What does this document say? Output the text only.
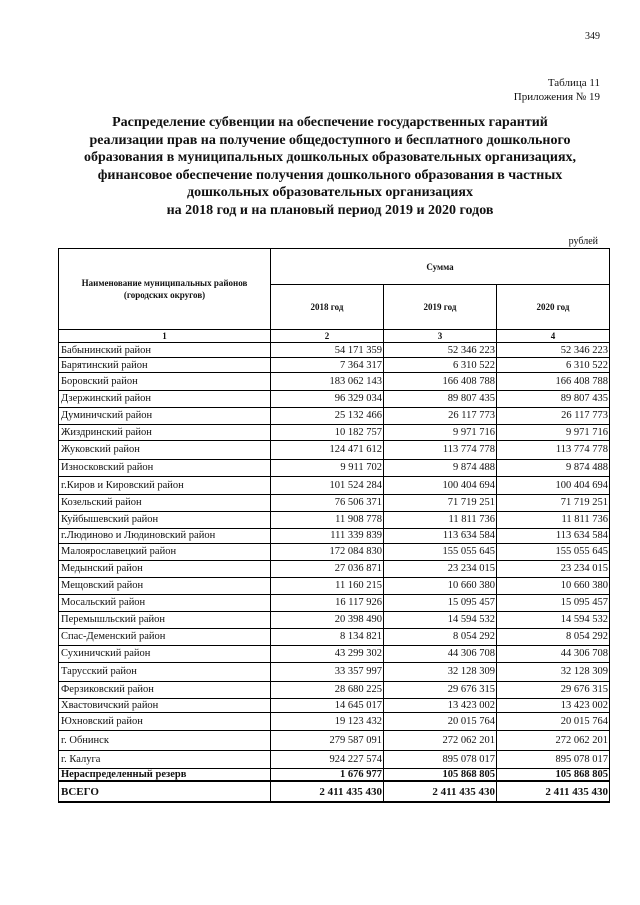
349
Таблица 11
Приложения № 19
Распределение субвенции на обеспечение государственных гарантий
реализации прав на получение общедоступного и бесплатного дошкольного
образования в муниципальных дошкольных образовательных организациях,
финансовое обеспечение получения дошкольного образования в частных
дошкольных образовательных организациях
на 2018 год и на плановый период 2019 и 2020 годов
рублей
Наименование муниципальных районов (городских округов)	Сумма		
	2018 год	2019 год	2020 год
1	2	3	4
Бабынинский район	54 171 359	52 346 223	52 346 223
Барятинский район	7 364 317	6 310 522	6 310 522
Боровский район	183 062 143	166 408 788	166 408 788
Дзержинский район	96 329 034	89 807 435	89 807 435
Думиничский район	25 132 466	26 117 773	26 117 773
Жиздринский район	10 182 757	9 971 716	9 971 716
Жуковский район	124 471 612	113 774 778	113 774 778
Износковский район	9 911 702	9 874 488	9 874 488
г.Киров и Кировский район	101 524 284	100 404 694	100 404 694
Козельский район	76 506 371	71 719 251	71 719 251
Куйбышевский район	11 908 778	11 811 736	11 811 736
г.Людиново и Людиновский район	111 339 839	113 634 584	113 634 584
Малоярославецкий район	172 084 830	155 055 645	155 055 645
Медынский район	27 036 871	23 234 015	23 234 015
Мещовский район	11 160 215	10 660 380	10 660 380
Мосальский район	16 117 926	15 095 457	15 095 457
Перемышльский район	20 398 490	14 594 532	14 594 532
Спас-Деменский район	8 134 821	8 054 292	8 054 292
Сухиничский район	43 299 302	44 306 708	44 306 708
Тарусский район	33 357 997	32 128 309	32 128 309
Ферзиковский район	28 680 225	29 676 315	29 676 315
Хвастовичский район	14 645 017	13 423 002	13 423 002
Юхновский район	19 123 432	20 015 764	20 015 764
г. Обнинск	279 587 091	272 062 201	272 062 201
г. Калуга	924 227 574	895 078 017	895 078 017
Нераспределенный резерв	1 676 977	105 868 805	105 868 805
ВСЕГО	2 411 435 430	2 411 435 430	2 411 435 430
